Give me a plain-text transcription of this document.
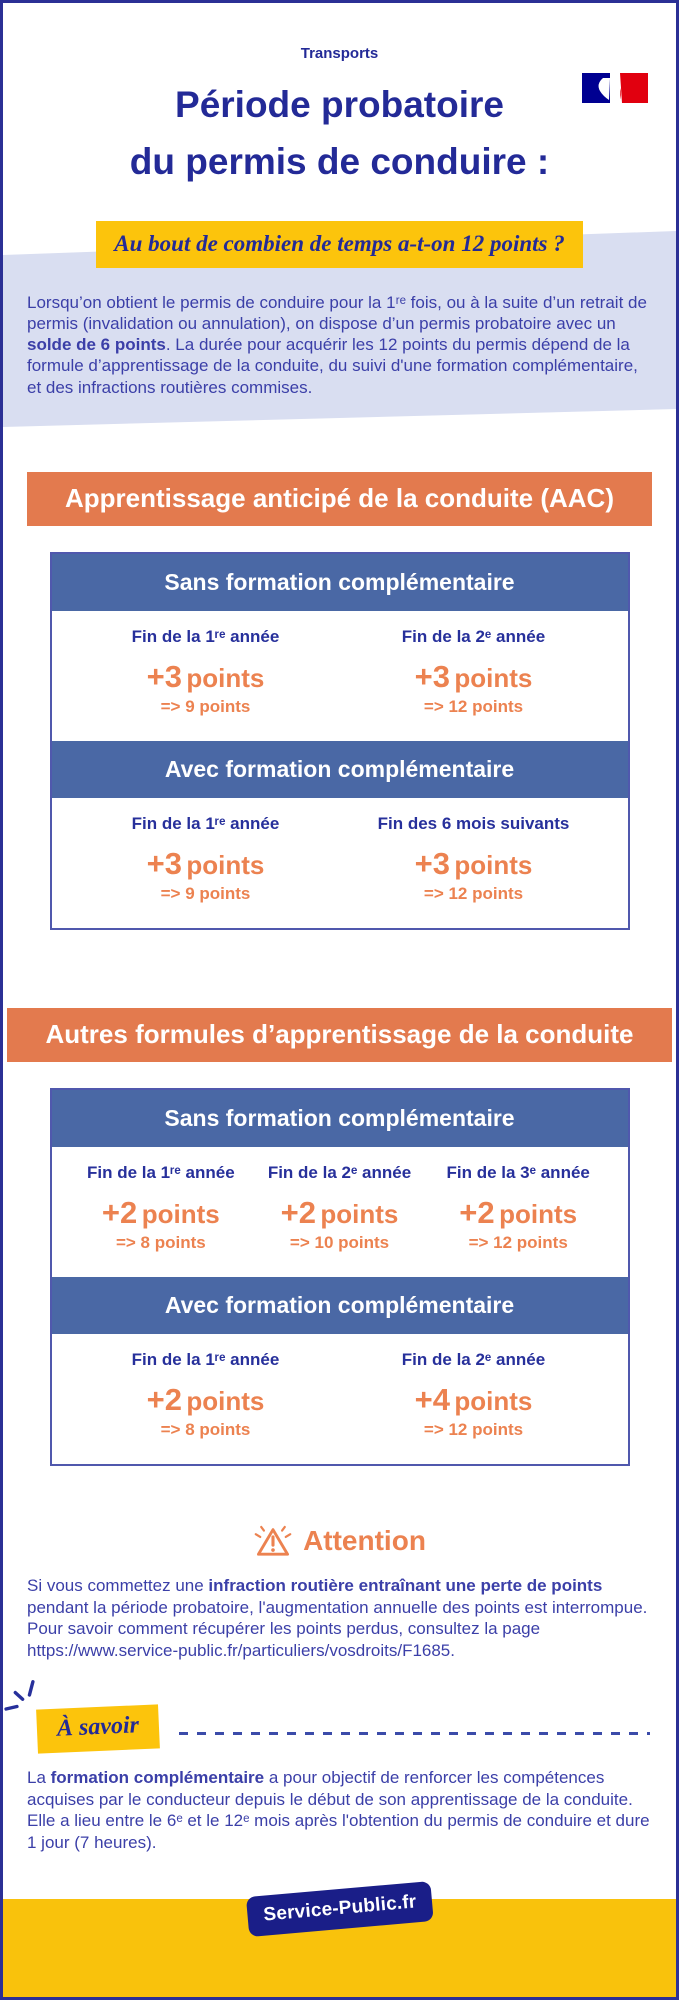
Transports
Période probatoire
du permis de conduire :
Au bout de combien de temps a-t-on 12 points ?

Lorsqu’on obtient le permis de conduire pour la 1ʳᵉ fois, ou à la suite d’un retrait de permis (invalidation ou annulation), on dispose d’un permis probatoire avec un solde de 6 points. La durée pour acquérir les 12 points du permis dépend de la formule d’apprentissage de la conduite, du suivi d'une formation complémentaire, et des infractions routières commises.

Apprentissage anticipé de la conduite (AAC)
Sans formation complémentaire
Fin de la 1ʳᵉ année
+3 points
=> 9 points
Fin de la 2ᵉ année
+3 points
=> 12 points
Avec formation complémentaire
Fin de la 1ʳᵉ année
+3 points
=> 9 points
Fin des 6 mois suivants
+3 points
=> 12 points
Autres formules d’apprentissage de la conduite
Sans formation complémentaire
Fin de la 1ʳᵉ année
+2 points
=> 8 points
Fin de la 2ᵉ année
+2 points
=> 10 points
Fin de la 3ᵉ année
+2 points
=> 12 points
Avec formation complémentaire
Fin de la 1ʳᵉ année
+2 points
=> 8 points
Fin de la 2ᵉ année
+4 points
=> 12 points
Attention

Si vous commettez une infraction routière entraînant une perte de points pendant la période probatoire, l'augmentation annuelle des points est interrompue. Pour savoir comment récupérer les points perdus, consultez la page https://www.service-public.fr/particuliers/vosdroits/F1685.

À savoir

La formation complémentaire a pour objectif de renforcer les compétences acquises par le conducteur depuis le début de son apprentissage de la conduite. Elle a lieu entre le 6ᵉ et le 12ᵉ mois après l'obtention du permis de conduire et dure 1 jour (7 heures).

Service-Public.fr
